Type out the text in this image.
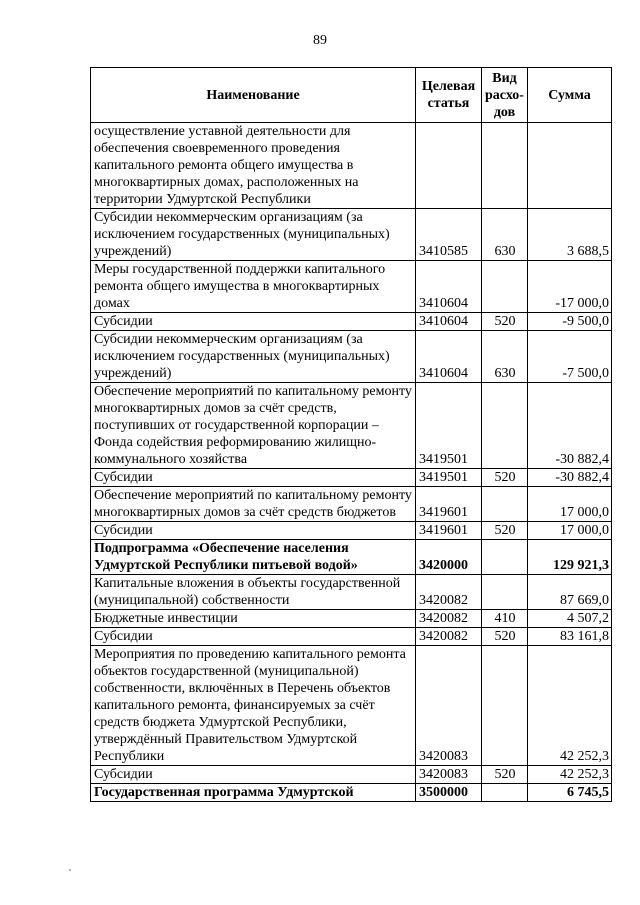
89
Наименование	Целевая статья	Вид расхо-дов	Сумма
осуществление уставной деятельности для обеспечения своевременного проведения капитального ремонта общего имущества в многоквартирных домах, расположенных на территории Удмуртской Республики			
Субсидии некоммерческим организациям (за исключением государственных (муниципальных) учреждений)	3410585	630	3 688,5
Меры государственной поддержки капитального ремонта общего имущества в многоквартирных домах	3410604		-17 000,0
Субсидии	3410604	520	-9 500,0
Субсидии некоммерческим организациям (за исключением государственных (муниципальных) учреждений)	3410604	630	-7 500,0
Обеспечение мероприятий по капитальному ремонту многоквартирных домов за счёт средств, поступивших от государственной корпорации – Фонда содействия реформированию жилищно-коммунального хозяйства	3419501		-30 882,4
Субсидии	3419501	520	-30 882,4
Обеспечение мероприятий по капитальному ремонту многоквартирных домов за счёт средств бюджетов	3419601		17 000,0
Субсидии	3419601	520	17 000,0
Подпрограмма «Обеспечение населения Удмуртской Республики питьевой водой»	3420000		129 921,3
Капитальные вложения в объекты государственной (муниципальной) собственности	3420082		87 669,0
Бюджетные инвестиции	3420082	410	4 507,2
Субсидии	3420082	520	83 161,8
Мероприятия по проведению капитального ремонта объектов государственной (муниципальной) собственности, включённых в Перечень объектов капитального ремонта, финансируемых за счёт средств бюджета Удмуртской Республики, утверждённый Правительством Удмуртской Республики	3420083		42 252,3
Субсидии	3420083	520	42 252,3
Государственная программа Удмуртской	3500000		6 745,5
